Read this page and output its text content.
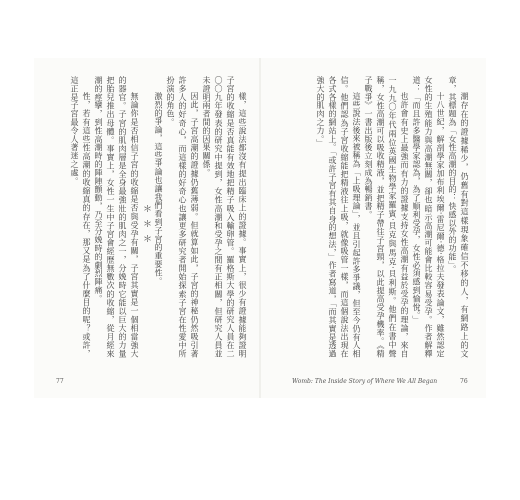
樣，這些說法都沒有提出臨床上的證據。事實上，很少有證據能夠證明子宮的收縮是否真能有效地把精子吸入輸卵管。羅格斯大學的研究人員在二〇〇九年發表的研究中提到，女性高潮和受孕之間有正相關，但研究人員並未證明兩者間的因果關係。

因此，子宮高潮的證據仍舊薄弱。但就算如此，子宮的神秘仍然吸引著許多人的好奇心，而這樣的好奇心也讓更多研究者開始探索子宮在性愛中所扮演的角色。

激烈的爭論，這些爭論也讓我們看到子宮的重要性。

＊＊＊

無論你是否相信子宮的收縮是否與受孕有關，子宮其實是一個相當強大的器官。子宮的肌肉層是全身最強壯的肌肉之一，分娩時它能以巨大的力量把胎兒推出母體。事實上，女性一生中子宮會經歷無數次的收縮，從月經來潮的痙攣，到性高潮時的陣陣顫動，乃至分娩時的劇烈陣痛。

性，若有這些性高潮的收縮真的存在，那又是為了什麼目的呢？或許，這正是子宮最令人著迷之處。

77

潮存在的證據稀少，仍舊有對這樣現象確信不移的人，有網路上的文章，其標題為「女性高潮的目的：快感以外的功能」。

十八世紀，解剖學家加布利埃爾·雷尼爾·德·格拉夫發表論文，雖然認定女性的生殖能力與高潮無關，卻也暗示高潮可能會比較容易受孕。作者解釋道：「而且許多醫學家認為，為了順利受孕，女性必須感到愉悅。」

也許會有史上最強而有力的證據支持女性高潮有益於受孕的理論，來自一九九〇年代兩位英國生物學家羅賓·貝克與馬克·貝利斯。他們在書中聲稱，女性高潮可以吸收精液，並把精子帶往子宮頸，以此提高受孕機率。《精子戰爭》一書出版後立刻成為暢銷書。

這些說法後來被稱為「上吸理論」，並且引起許多爭議，但至今仍有人相信。他們認為子宮收縮能把精液往上吸，就像吸管一樣，而這個說法出現在各式各樣的網站上。「或許子宮有其自身的想法，」作者寫道，「而其實是透過強大的肌肉之力。」

Womb: The Inside Story of Where We All Began	76
